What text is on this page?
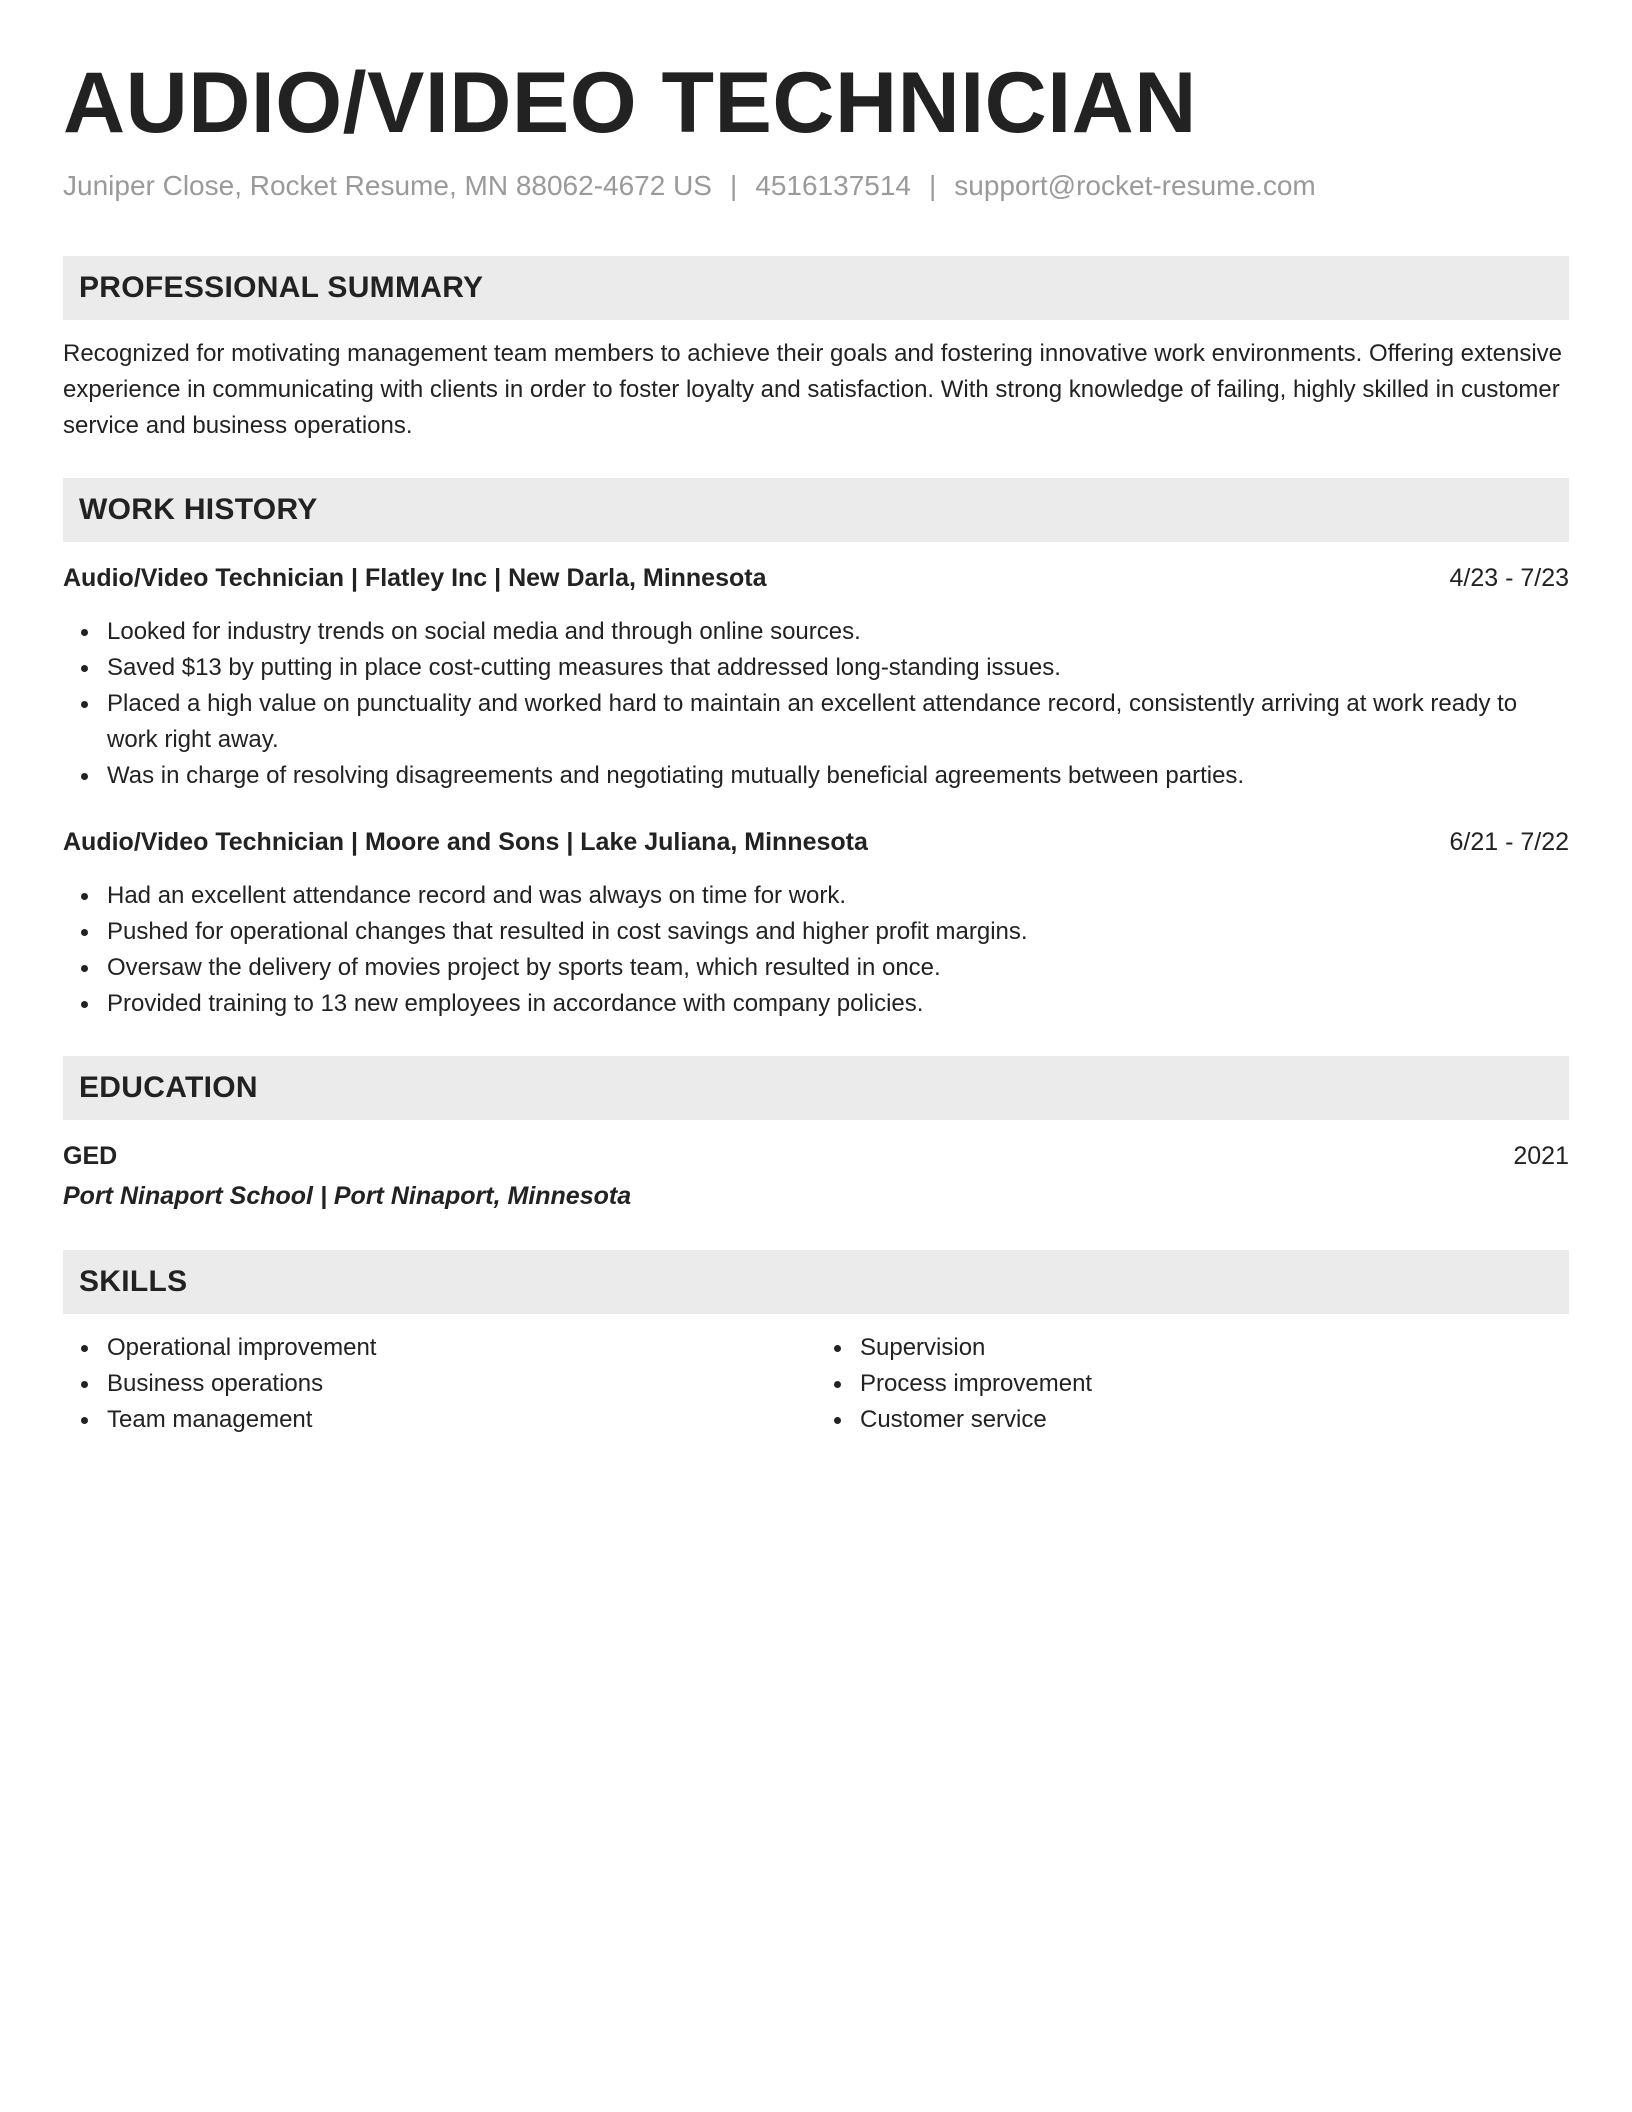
AUDIO/VIDEO TECHNICIAN
Juniper Close, Rocket Resume, MN 88062-4672 US | 4516137514 | support@rocket-resume.com
PROFESSIONAL SUMMARY
Recognized for motivating management team members to achieve their goals and fostering innovative work environments. Offering extensive experience in communicating with clients in order to foster loyalty and satisfaction. With strong knowledge of failing, highly skilled in customer service and business operations.
WORK HISTORY
Audio/Video Technician | Flatley Inc | New Darla, Minnesota	4/23 - 7/23
Looked for industry trends on social media and through online sources.
Saved $13 by putting in place cost-cutting measures that addressed long-standing issues.
Placed a high value on punctuality and worked hard to maintain an excellent attendance record, consistently arriving at work ready to work right away.
Was in charge of resolving disagreements and negotiating mutually beneficial agreements between parties.
Audio/Video Technician | Moore and Sons | Lake Juliana, Minnesota	6/21 - 7/22
Had an excellent attendance record and was always on time for work.
Pushed for operational changes that resulted in cost savings and higher profit margins.
Oversaw the delivery of movies project by sports team, which resulted in once.
Provided training to 13 new employees in accordance with company policies.
EDUCATION
GED	2021
Port Ninaport School | Port Ninaport, Minnesota
SKILLS
Operational improvement
Business operations
Team management
Supervision
Process improvement
Customer service
